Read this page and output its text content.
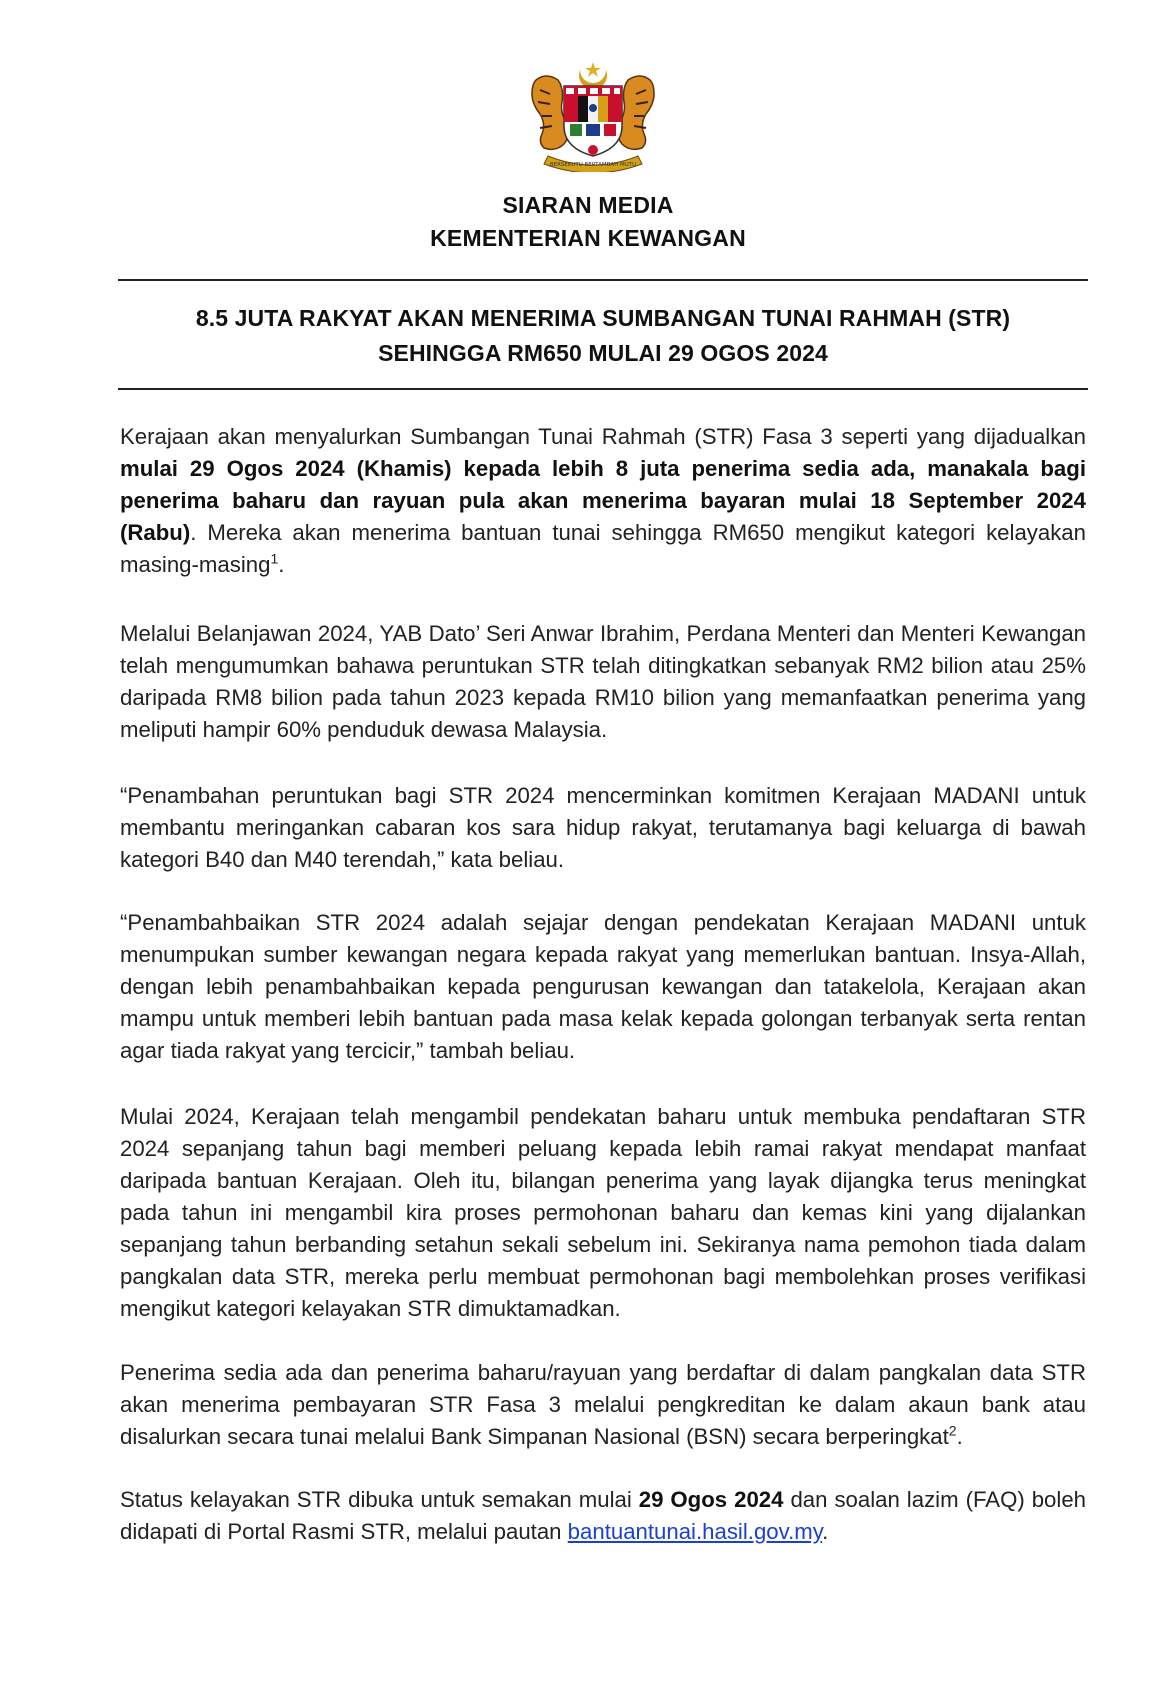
BERSEKUTU BERTAMBAH MUTU
SIARAN MEDIA
KEMENTERIAN KEWANGAN
8.5 JUTA RAKYAT AKAN MENERIMA SUMBANGAN TUNAI RAHMAH (STR)
SEHINGGA RM650 MULAI 29 OGOS 2024

Kerajaan akan menyalurkan Sumbangan Tunai Rahmah (STR) Fasa 3 seperti yang dijadualkan mulai 29 Ogos 2024 (Khamis) kepada lebih 8 juta penerima sedia ada, manakala bagi penerima baharu dan rayuan pula akan menerima bayaran mulai 18 September 2024 (Rabu). Mereka akan menerima bantuan tunai sehingga RM650 mengikut kategori kelayakan masing-masing$^1$.

Melalui Belanjawan 2024, YAB Dato’ Seri Anwar Ibrahim, Perdana Menteri dan Menteri Kewangan telah mengumumkan bahawa peruntukan STR telah ditingkatkan sebanyak RM2 bilion atau 25% daripada RM8 bilion pada tahun 2023 kepada RM10 bilion yang memanfaatkan penerima yang meliputi hampir 60% penduduk dewasa Malaysia.

“Penambahan peruntukan bagi STR 2024 mencerminkan komitmen Kerajaan MADANI untuk membantu meringankan cabaran kos sara hidup rakyat, terutamanya bagi keluarga di bawah kategori B40 dan M40 terendah,” kata beliau.

“Penambahbaikan STR 2024 adalah sejajar dengan pendekatan Kerajaan MADANI untuk menumpukan sumber kewangan negara kepada rakyat yang memerlukan bantuan. Insya-Allah, dengan lebih penambahbaikan kepada pengurusan kewangan dan tatakelola, Kerajaan akan mampu untuk memberi lebih bantuan pada masa kelak kepada golongan terbanyak serta rentan agar tiada rakyat yang tercicir,” tambah beliau.

Mulai 2024, Kerajaan telah mengambil pendekatan baharu untuk membuka pendaftaran STR 2024 sepanjang tahun bagi memberi peluang kepada lebih ramai rakyat mendapat manfaat daripada bantuan Kerajaan. Oleh itu, bilangan penerima yang layak dijangka terus meningkat pada tahun ini mengambil kira proses permohonan baharu dan kemas kini yang dijalankan sepanjang tahun berbanding setahun sekali sebelum ini. Sekiranya nama pemohon tiada dalam pangkalan data STR, mereka perlu membuat permohonan bagi membolehkan proses verifikasi mengikut kategori kelayakan STR dimuktamadkan.

Penerima sedia ada dan penerima baharu/rayuan yang berdaftar di dalam pangkalan data STR akan menerima pembayaran STR Fasa 3 melalui pengkreditan ke dalam akaun bank atau disalurkan secara tunai melalui Bank Simpanan Nasional (BSN) secara berperingkat$^2$.

Status kelayakan STR dibuka untuk semakan mulai 29 Ogos 2024 dan soalan lazim (FAQ) boleh didapati di Portal Rasmi STR, melalui pautan bantuantunai.hasil.gov.my.
